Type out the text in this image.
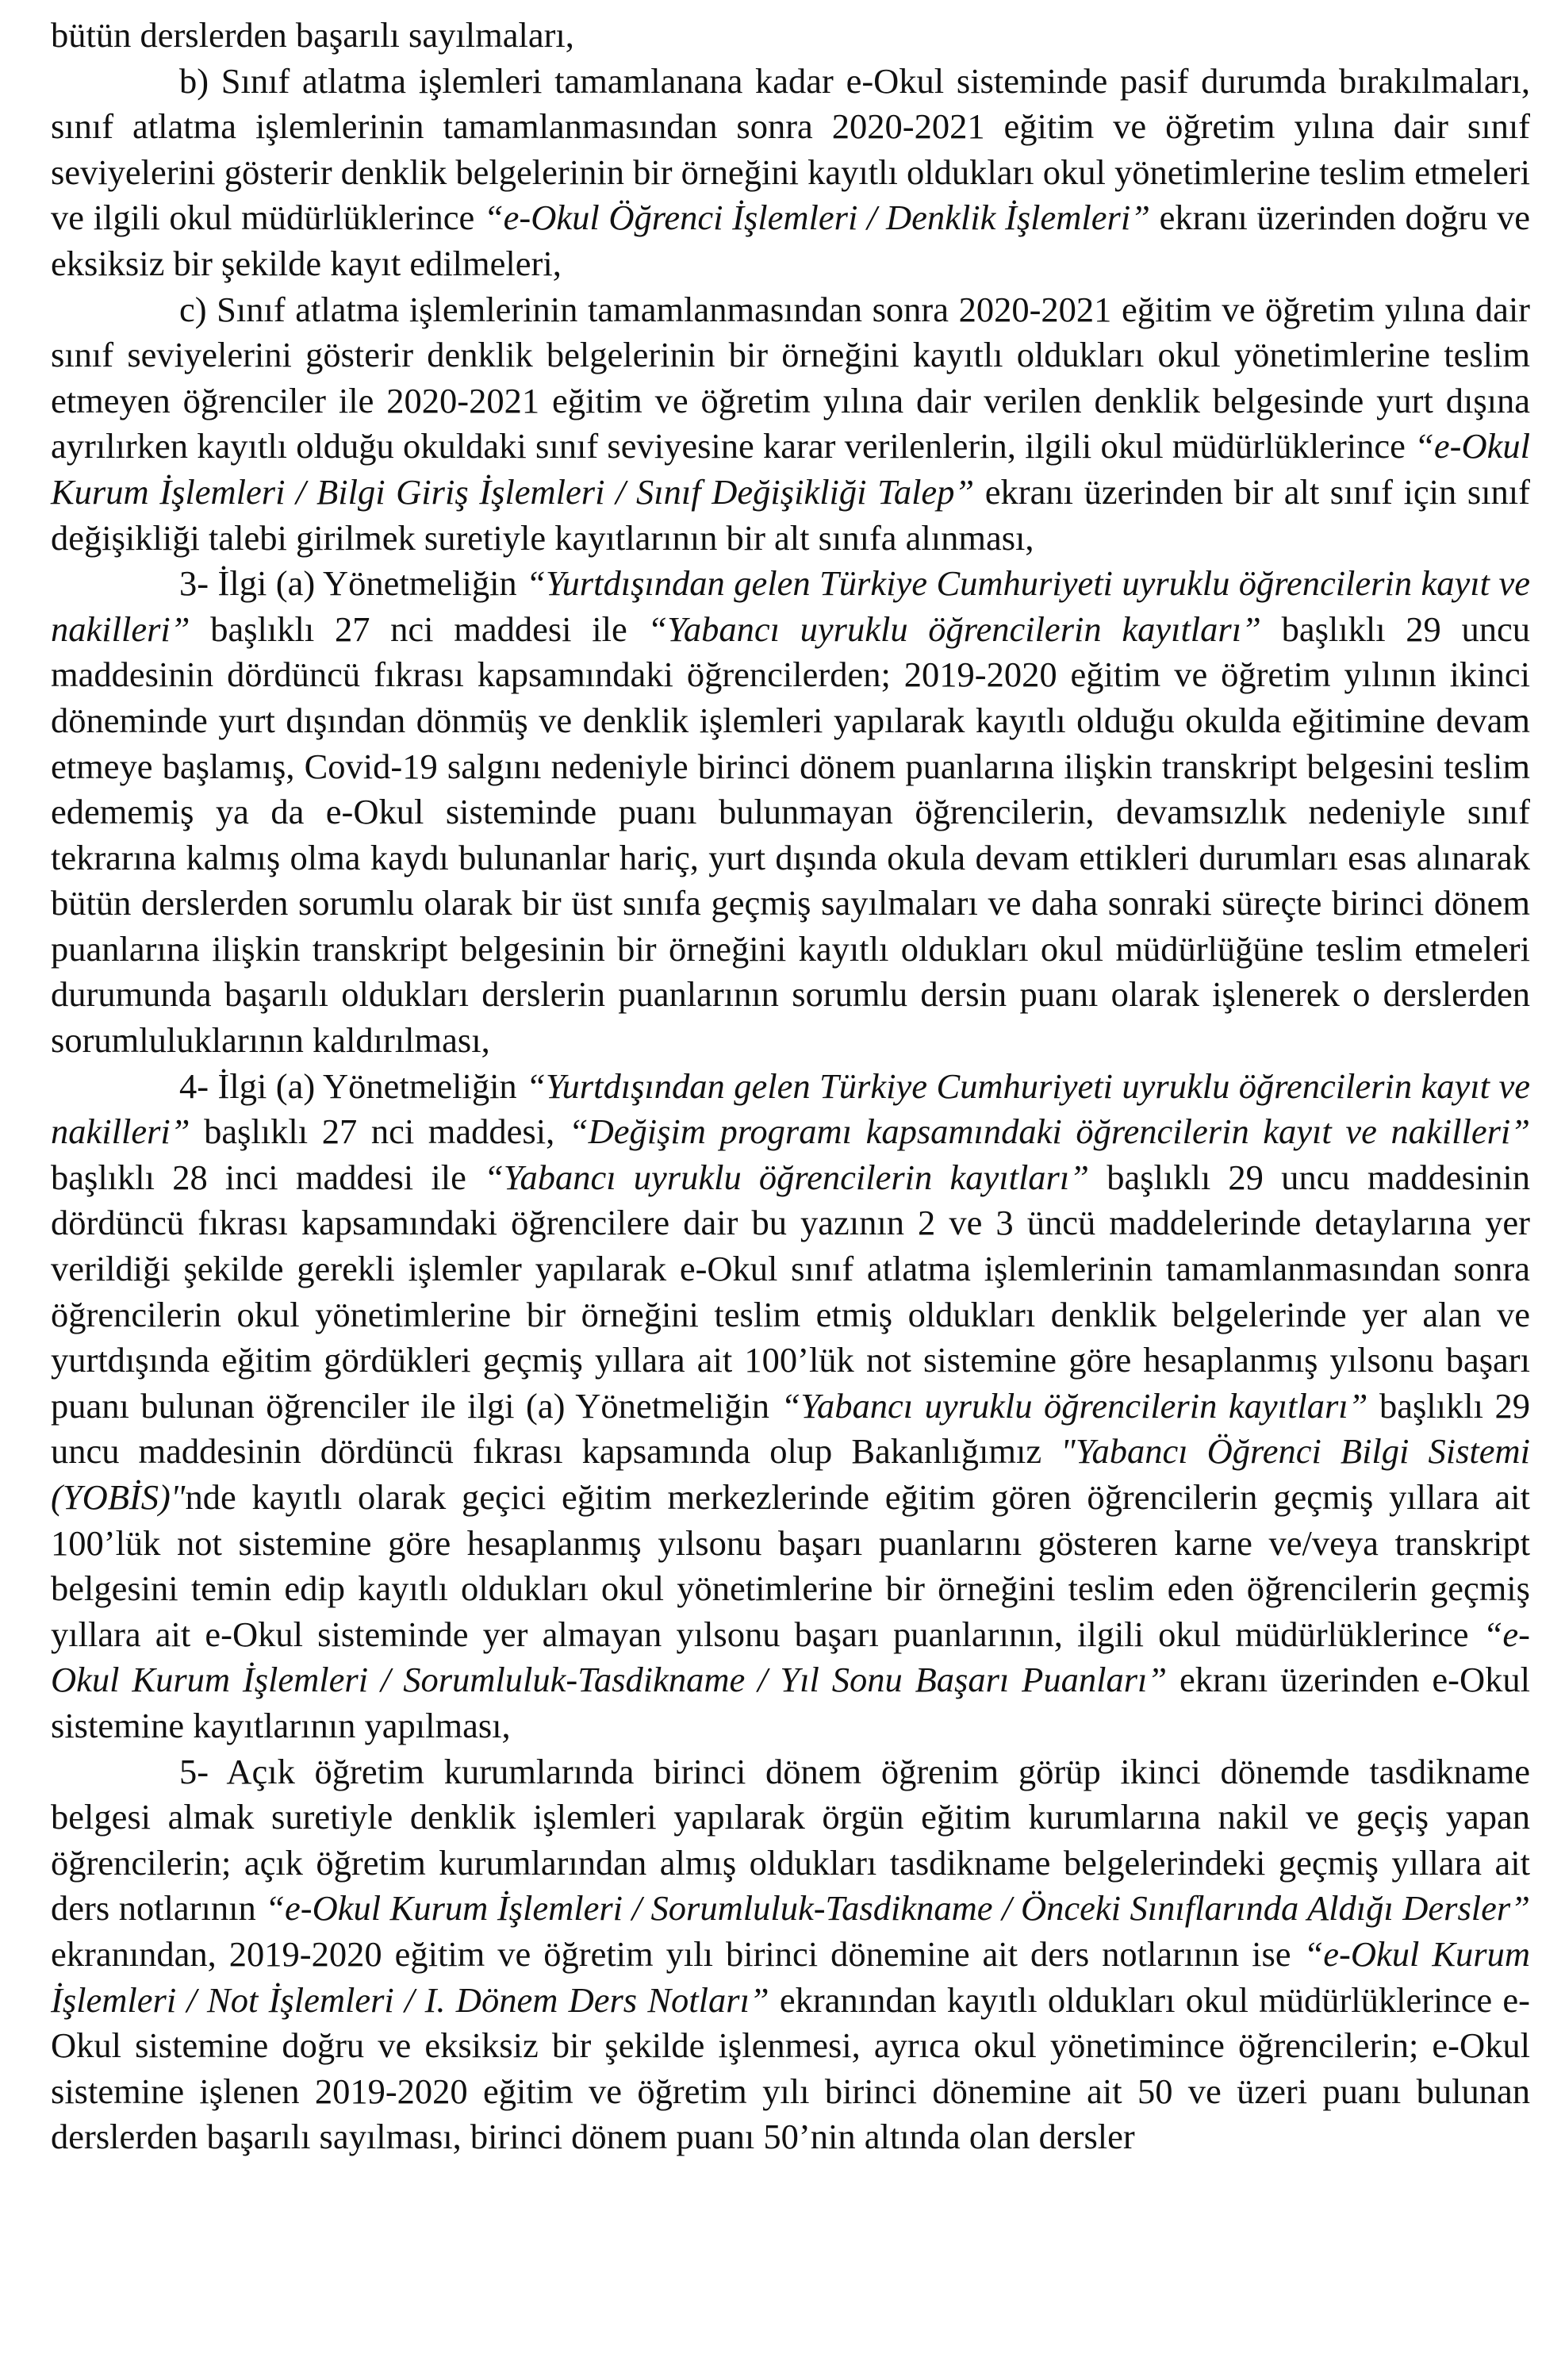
bütün derslerden başarılı sayılmaları,

b) Sınıf atlatma işlemleri tamamlanana kadar e-Okul sisteminde pasif durumda bırakılmaları, sınıf atlatma işlemlerinin tamamlanmasından sonra 2020-2021 eğitim ve öğretim yılına dair sınıf seviyelerini gösterir denklik belgelerinin bir örneğini kayıtlı oldukları okul yönetimlerine teslim etmeleri ve ilgili okul müdürlüklerince “e-Okul Öğrenci İşlemleri / Denklik İşlemleri” ekranı üzerinden doğru ve eksiksiz bir şekilde kayıt edilmeleri,

c) Sınıf atlatma işlemlerinin tamamlanmasından sonra 2020-2021 eğitim ve öğretim yılına dair sınıf seviyelerini gösterir denklik belgelerinin bir örneğini kayıtlı oldukları okul yönetimlerine teslim etmeyen öğrenciler ile 2020-2021 eğitim ve öğretim yılına dair verilen denklik belgesinde yurt dışına ayrılırken kayıtlı olduğu okuldaki sınıf seviyesine karar verilenlerin, ilgili okul müdürlüklerince “e-Okul Kurum İşlemleri / Bilgi Giriş İşlemleri / Sınıf Değişikliği Talep” ekranı üzerinden bir alt sınıf için sınıf değişikliği talebi girilmek suretiyle kayıtlarının bir alt sınıfa alınması,

3- İlgi (a) Yönetmeliğin “Yurtdışından gelen Türkiye Cumhuriyeti uyruklu öğrencilerin kayıt ve nakilleri” başlıklı 27 nci maddesi ile “Yabancı uyruklu öğrencilerin kayıtları” başlıklı 29 uncu maddesinin dördüncü fıkrası kapsamındaki öğrencilerden; 2019-2020 eğitim ve öğretim yılının ikinci döneminde yurt dışından dönmüş ve denklik işlemleri yapılarak kayıtlı olduğu okulda eğitimine devam etmeye başlamış, Covid-19 salgını nedeniyle birinci dönem puanlarına ilişkin transkript belgesini teslim edememiş ya da e-Okul sisteminde puanı bulunmayan öğrencilerin, devamsızlık nedeniyle sınıf tekrarına kalmış olma kaydı bulunanlar hariç, yurt dışında okula devam ettikleri durumları esas alınarak bütün derslerden sorumlu olarak bir üst sınıfa geçmiş sayılmaları ve daha sonraki süreçte birinci dönem puanlarına ilişkin transkript belgesinin bir örneğini kayıtlı oldukları okul müdürlüğüne teslim etmeleri durumunda başarılı oldukları derslerin puanlarının sorumlu dersin puanı olarak işlenerek o derslerden sorumluluklarının kaldırılması,

4- İlgi (a) Yönetmeliğin “Yurtdışından gelen Türkiye Cumhuriyeti uyruklu öğrencilerin kayıt ve nakilleri” başlıklı 27 nci maddesi, “Değişim programı kapsamındaki öğrencilerin kayıt ve nakilleri” başlıklı 28 inci maddesi ile “Yabancı uyruklu öğrencilerin kayıtları” başlıklı 29 uncu maddesinin dördüncü fıkrası kapsamındaki öğrencilere dair bu yazının 2 ve 3 üncü maddelerinde detaylarına yer verildiği şekilde gerekli işlemler yapılarak e-Okul sınıf atlatma işlemlerinin tamamlanmasından sonra öğrencilerin okul yönetimlerine bir örneğini teslim etmiş oldukları denklik belgelerinde yer alan ve yurtdışında eğitim gördükleri geçmiş yıllara ait 100’lük not sistemine göre hesaplanmış yılsonu başarı puanı bulunan öğrenciler ile ilgi (a) Yönetmeliğin “Yabancı uyruklu öğrencilerin kayıtları” başlıklı 29 uncu maddesinin dördüncü fıkrası kapsamında olup Bakanlığımız "Yabancı Öğrenci Bilgi Sistemi (YOBİS)"nde kayıtlı olarak geçici eğitim merkezlerinde eğitim gören öğrencilerin geçmiş yıllara ait 100’lük not sistemine göre hesaplanmış yılsonu başarı puanlarını gösteren karne ve/veya transkript belgesini temin edip kayıtlı oldukları okul yönetimlerine bir örneğini teslim eden öğrencilerin geçmiş yıllara ait e-Okul sisteminde yer almayan yılsonu başarı puanlarının, ilgili okul müdürlüklerince “e-Okul Kurum İşlemleri / Sorumluluk-Tasdikname / Yıl Sonu Başarı Puanları” ekranı üzerinden e-Okul sistemine kayıtlarının yapılması,

5- Açık öğretim kurumlarında birinci dönem öğrenim görüp ikinci dönemde tasdikname belgesi almak suretiyle denklik işlemleri yapılarak örgün eğitim kurumlarına nakil ve geçiş yapan öğrencilerin; açık öğretim kurumlarından almış oldukları tasdikname belgelerindeki geçmiş yıllara ait ders notlarının “e-Okul Kurum İşlemleri / Sorumluluk-Tasdikname / Önceki Sınıflarında Aldığı Dersler” ekranından, 2019-2020 eğitim ve öğretim yılı birinci dönemine ait ders notlarının ise “e-Okul Kurum İşlemleri / Not İşlemleri / I. Dönem Ders Notları” ekranından kayıtlı oldukları okul müdürlüklerince e-Okul sistemine doğru ve eksiksiz bir şekilde işlenmesi, ayrıca okul yönetimince öğrencilerin; e-Okul sistemine işlenen 2019-2020 eğitim ve öğretim yılı birinci dönemine ait 50 ve üzeri puanı bulunan derslerden başarılı sayılması, birinci dönem puanı 50’nin altında olan dersler
